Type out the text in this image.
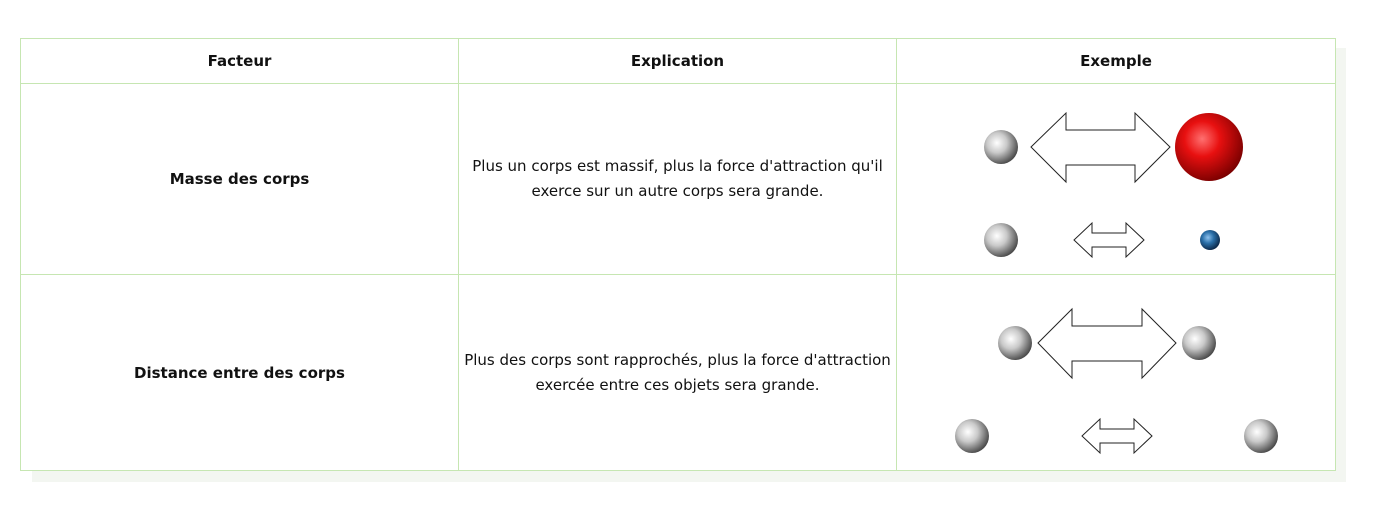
Facteur	Explication	Exemple
Masse des corps	Plus un corps est massif, plus la force d'attraction qu'il exerce sur un autre corps sera grande.	

Distance entre des corps	Plus des corps sont rapprochés, plus la force d'attraction exercée entre ces objets sera grande.	
